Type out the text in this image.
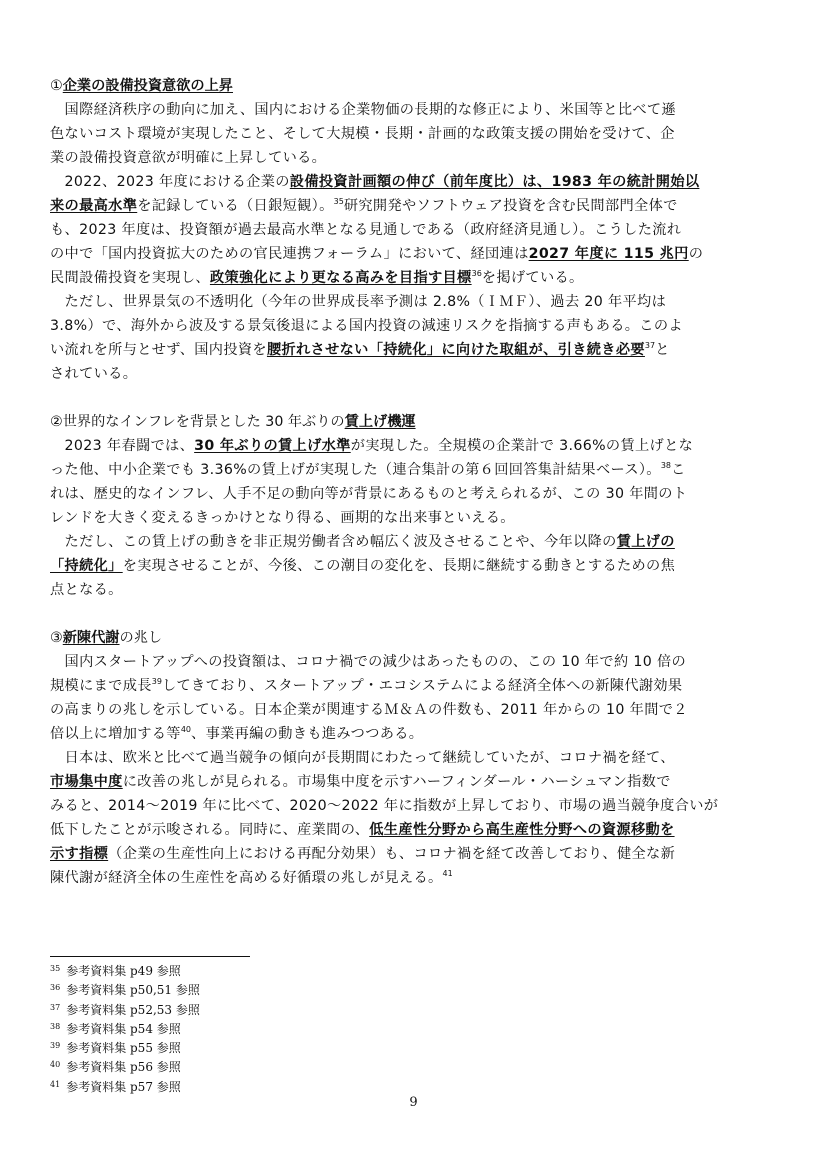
①企業の設備投資意欲の上昇
　国際経済秩序の動向に加え、国内における企業物価の長期的な修正により、米国等と比べて遜
色ないコスト環境が実現したこと、そして大規模・長期・計画的な政策支援の開始を受けて、企
業の設備投資意欲が明確に上昇している。
　2022、2023 年度における企業の設備投資計画額の伸び（前年度比）は、1983 年の統計開始以
来の最高水準を記録している（日銀短観）。$^{35}$研究開発やソフトウェア投資を含む民間部門全体で
も、2023 年度は、投資額が過去最高水準となる見通しである（政府経済見通し）。こうした流れ
の中で「国内投資拡大のための官民連携フォーラム」において、経団連は2027 年度に 115 兆円の
民間設備投資を実現し、政策強化により更なる高みを目指す目標$^{36}$を掲げている。
　ただし、世界景気の不透明化（今年の世界成長率予測は 2.8%（ＩＭＦ）、過去 20 年平均は
3.8%）で、海外から波及する景気後退による国内投資の減速リスクを指摘する声もある。このよ
い流れを所与とせず、国内投資を腰折れさせない「持続化」に向けた取組が、引き続き必要$^{37}$と
されている。
②世界的なインフレを背景とした 30 年ぶりの賃上げ機運
　2023 年春闘では、30 年ぶりの賃上げ水準が実現した。全規模の企業計で 3.66%の賃上げとな
った他、中小企業でも 3.36%の賃上げが実現した（連合集計の第６回回答集計結果ベース）。$^{38}$こ
れは、歴史的なインフレ、人手不足の動向等が背景にあるものと考えられるが、この 30 年間のト
レンドを大きく変えるきっかけとなり得る、画期的な出来事といえる。
　ただし、この賃上げの動きを非正規労働者含め幅広く波及させることや、今年以降の賃上げの
「持続化」を実現させることが、今後、この潮目の変化を、長期に継続する動きとするための焦
点となる。
③新陳代謝の兆し
　国内スタートアップへの投資額は、コロナ禍での減少はあったものの、この 10 年で約 10 倍の
規模にまで成長$^{39}$してきており、スタートアップ・エコシステムによる経済全体への新陳代謝効果
の高まりの兆しを示している。日本企業が関連するＭ＆Ａの件数も、2011 年からの 10 年間で２
倍以上に増加する等$^{40}$、事業再編の動きも進みつつある。
　日本は、欧米と比べて過当競争の傾向が長期間にわたって継続していたが、コロナ禍を経て、
市場集中度に改善の兆しが見られる。市場集中度を示すハーフィンダール・ハーシュマン指数で
みると、2014～2019 年に比べて、2020～2022 年に指数が上昇しており、市場の過当競争度合いが
低下したことが示唆される。同時に、産業間の、低生産性分野から高生産性分野への資源移動を
示す指標（企業の生産性向上における再配分効果）も、コロナ禍を経て改善しており、健全な新
陳代謝が経済全体の生産性を高める好循環の兆しが見える。$^{41}$
$^{35}$ 参考資料集 p49 参照
$^{36}$ 参考資料集 p50,51 参照
$^{37}$ 参考資料集 p52,53 参照
$^{38}$ 参考資料集 p54 参照
$^{39}$ 参考資料集 p55 参照
$^{40}$ 参考資料集 p56 参照
$^{41}$ 参考資料集 p57 参照
9
